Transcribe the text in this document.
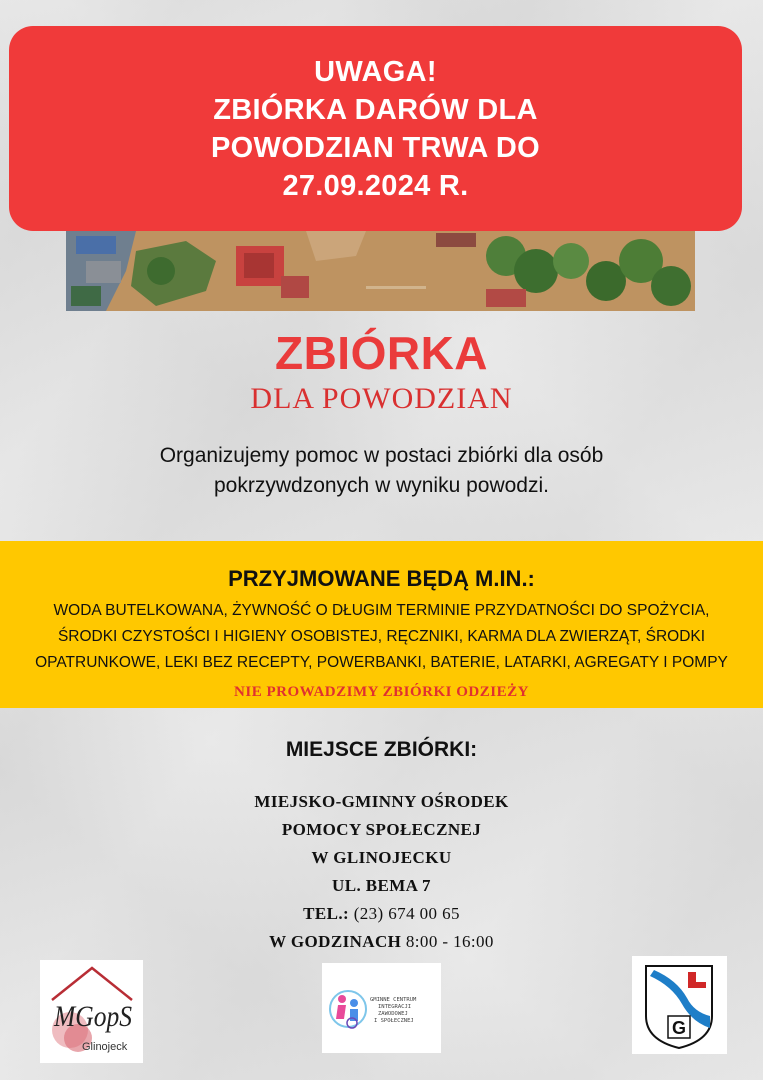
UWAGA!
ZBIÓRKA DARÓW DLA
POWODZIAN TRWA DO
27.09.2024 R.
ZBIÓRKA
DLA POWODZIAN
Organizujemy pomoc w postaci zbiórki dla osób pokrzywdzonych w wyniku powodzi.
PRZYJMOWANE BĘDĄ M.IN.:
WODA BUTELKOWANA, ŻYWNOŚĆ O DŁUGIM TERMINIE PRZYDATNOŚCI DO SPOŻYCIA,
ŚRODKI CZYSTOŚCI I HIGIENY OSOBISTEJ, RĘCZNIKI, KARMA DLA ZWIERZĄT, ŚRODKI
OPATRUNKOWE, LEKI BEZ RECEPTY, POWERBANKI, BATERIE, LATARKI, AGREGATY I POMPY
NIE PROWADZIMY ZBIÓRKI ODZIEŻY
MIEJSCE ZBIÓRKI:
MIEJSKO-GMINNY OŚRODEK
POMOCY SPOŁECZNEJ
W GLINOJECKU
UL. BEMA 7
TEL.: (23) 674 00 65
W GODZINACH 8:00 - 16:00
MGopS
Glinojeck
GMINNE CENTRUM
INTEGRACJI
ZAWODOWEJ
I SPOŁECZNEJ	G
